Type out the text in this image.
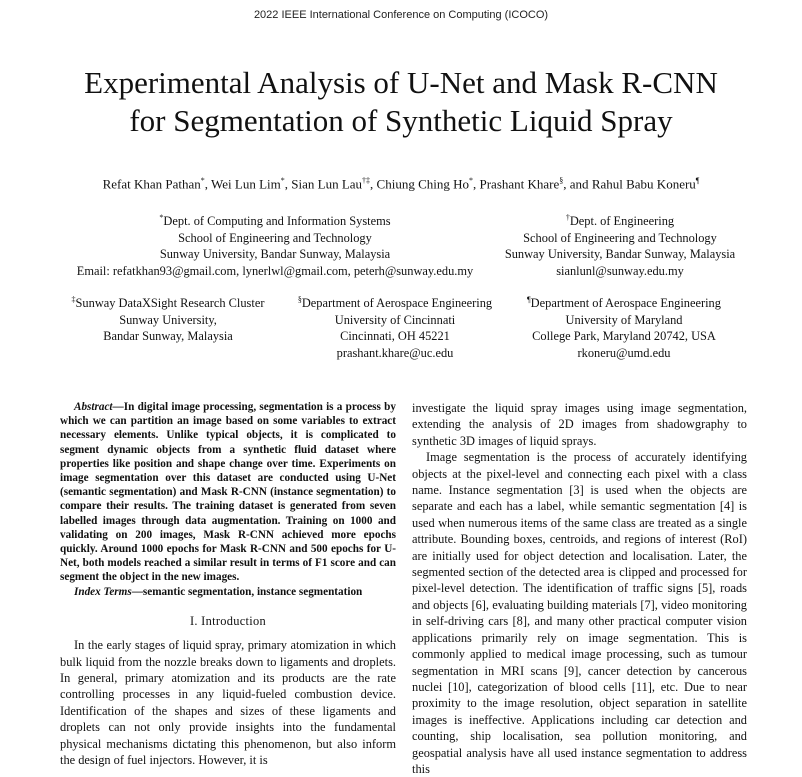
2022 IEEE International Conference on Computing (ICOCO)
Experimental Analysis of U-Net and Mask R-CNN
for Segmentation of Synthetic Liquid Spray
Refat Khan Pathan*, Wei Lun Lim*, Sian Lun Lau†‡, Chiung Ching Ho*, Prashant Khare§, and Rahul Babu Koneru¶
*Dept. of Computing and Information Systems
School of Engineering and Technology
Sunway University, Bandar Sunway, Malaysia
Email: refatkhan93@gmail.com, lynerlwl@gmail.com, peterh@sunway.edu.my
†Dept. of Engineering
School of Engineering and Technology
Sunway University, Bandar Sunway, Malaysia
sianlunl@sunway.edu.my
‡Sunway DataXSight Research Cluster
Sunway University,
Bandar Sunway, Malaysia
§Department of Aerospace Engineering
University of Cincinnati
Cincinnati, OH 45221
prashant.khare@uc.edu
¶Department of Aerospace Engineering
University of Maryland
College Park, Maryland 20742, USA
rkoneru@umd.edu

Abstract—In digital image processing, segmentation is a process by which we can partition an image based on some variables to extract necessary elements. Unlike typical objects, it is complicated to segment dynamic objects from a synthetic fluid dataset where properties like position and shape change over time. Experiments on image segmentation over this dataset are conducted using U-Net (semantic segmentation) and Mask R-CNN (instance segmentation) to compare their results. The training dataset is generated from seven labelled images through data augmentation. Training on 1000 and validating on 200 images, Mask R-CNN achieved more epochs quickly. Around 1000 epochs for Mask R-CNN and 500 epochs for U-Net, both models reached a similar result in terms of F1 score and can segment the object in the new images.

Index Terms—semantic segmentation, instance segmentation

I. Introduction

In the early stages of liquid spray, primary atomization in which bulk liquid from the nozzle breaks down to ligaments and droplets. In general, primary atomization and its products are the rate controlling processes in any liquid-fueled combustion device. Identification of the shapes and sizes of these ligaments and droplets can not only provide insights into the fundamental physical mechanisms dictating this phenomenon, but also inform the design of fuel injectors. However, it is

investigate the liquid spray images using image segmentation, extending the analysis of 2D images from shadowgraphy to synthetic 3D images of liquid sprays.

Image segmentation is the process of accurately identifying objects at the pixel-level and connecting each pixel with a class name. Instance segmentation [3] is used when the objects are separate and each has a label, while semantic segmentation [4] is used when numerous items of the same class are treated as a single attribute. Bounding boxes, centroids, and regions of interest (RoI) are initially used for object detection and localisation. Later, the segmented section of the detected area is clipped and processed for pixel-level detection. The identification of traffic signs [5], roads and objects [6], evaluating building materials [7], video monitoring in self-driving cars [8], and many other practical computer vision applications primarily rely on image segmentation. This is commonly applied to medical image processing, such as tumour segmentation in MRI scans [9], cancer detection by cancerous nuclei [10], categorization of blood cells [11], etc. Due to near proximity to the image resolution, object separation in satellite images is ineffective. Applications including car detection and counting, ship localisation, sea pollution monitoring, and geospatial analysis have all used instance segmentation to address this
